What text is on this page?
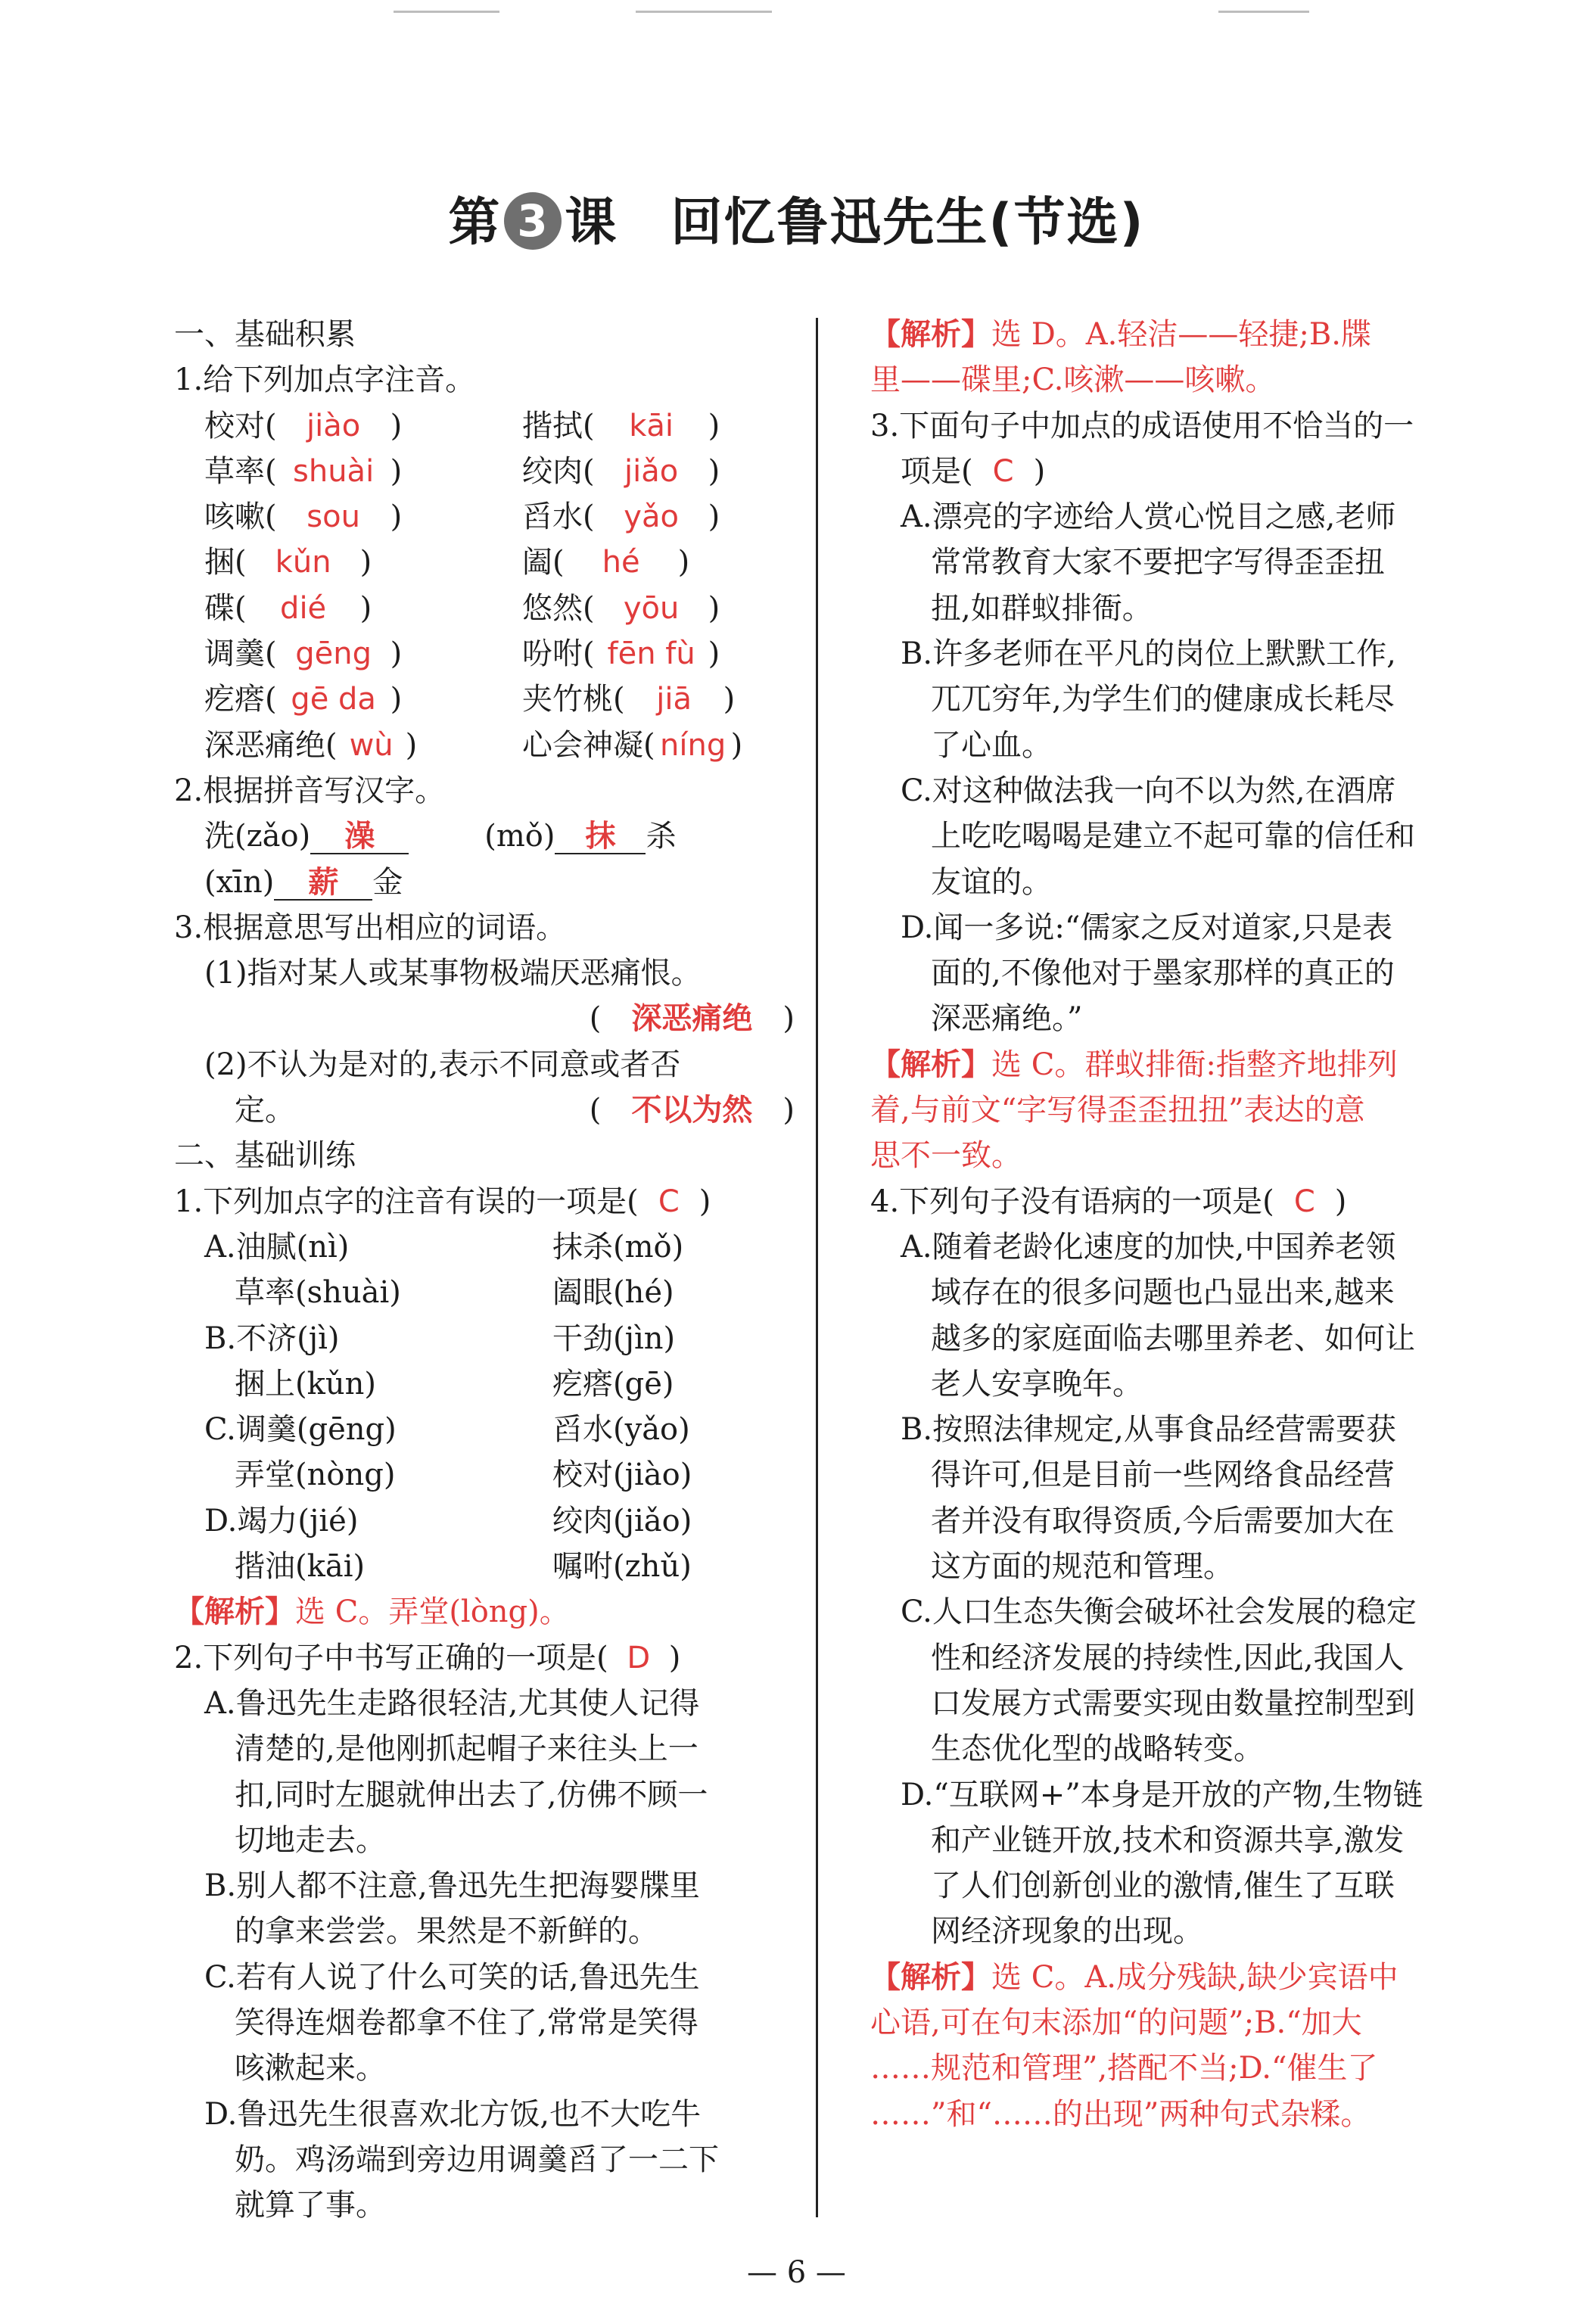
第 3 课 回忆鲁迅先生(节选)
一、基础积累
1.给下列加点字注音。
校对( jiào )	揩拭( kāi )
草率( shuài )	绞肉( jiǎo )
咳嗽( sou )	舀水( yǎo )
捆( kǔn )	阖( hé )
碟( dié )	悠然( yōu )
调羹( gēng )	吩咐( fēn fù )
疙瘩( gē da )	夹竹桃( jiā )
深恶痛绝( wù )	心会神凝( níng )
2.根据拼音写汉字。
洗(zǎo) 澡	(mǒ) 抹 杀
(xīn) 薪 金
3.根据意思写出相应的词语。
(1)指对某人或某事物极端厌恶痛恨。
( 深恶痛绝 )
(2)不认为是对的,表示不同意或者否
定。	( 不以为然 )
二、基础训练
1.下列加点字的注音有误的一项是( C )
A.油腻(nì)	抹杀(mǒ)
草率(shuài)	阖眼(hé)
B.不济(jì)	干劲(jìn)
捆上(kǔn)	疙瘩(gē)
C.调羹(gēng)	舀水(yǎo)
弄堂(nòng)	校对(jiào)
D.竭力(jié)	绞肉(jiǎo)
揩油(kāi)	嘱咐(zhǔ)
【解析】选 C。弄堂(lòng)。
2.下列句子中书写正确的一项是( D )
A.鲁迅先生走路很轻洁,尤其使人记得
清楚的,是他刚抓起帽子来往头上一
扣,同时左腿就伸出去了,仿佛不顾一
切地走去。
B.别人都不注意,鲁迅先生把海婴牒里
的拿来尝尝。果然是不新鲜的。
C.若有人说了什么可笑的话,鲁迅先生
笑得连烟卷都拿不住了,常常是笑得
咳漱起来。
D.鲁迅先生很喜欢北方饭,也不大吃牛
奶。鸡汤端到旁边用调羹舀了一二下
就算了事。
【解析】选 D。A.轻洁——轻捷;B.牒
里——碟里;C.咳漱——咳嗽。
3.下面句子中加点的成语使用不恰当的一
项是( C )
A.漂亮的字迹给人赏心悦目之感,老师
常常教育大家不要把字写得歪歪扭
扭,如群蚁排衙。
B.许多老师在平凡的岗位上默默工作,
兀兀穷年,为学生们的健康成长耗尽
了心血。
C.对这种做法我一向不以为然,在酒席
上吃吃喝喝是建立不起可靠的信任和
友谊的。
D.闻一多说:“儒家之反对道家,只是表
面的,不像他对于墨家那样的真正的
深恶痛绝。”
【解析】选 C。群蚁排衙:指整齐地排列
着,与前文“字写得歪歪扭扭”表达的意
思不一致。
4.下列句子没有语病的一项是( C )
A.随着老龄化速度的加快,中国养老领
域存在的很多问题也凸显出来,越来
越多的家庭面临去哪里养老、如何让
老人安享晚年。
B.按照法律规定,从事食品经营需要获
得许可,但是目前一些网络食品经营
者并没有取得资质,今后需要加大在
这方面的规范和管理。
C.人口生态失衡会破坏社会发展的稳定
性和经济发展的持续性,因此,我国人
口发展方式需要实现由数量控制型到
生态优化型的战略转变。
D.“互联网+”本身是开放的产物,生物链
和产业链开放,技术和资源共享,激发
了人们创新创业的激情,催生了互联
网经济现象的出现。
【解析】选 C。A.成分残缺,缺少宾语中
心语,可在句末添加“的问题”;B.“加大
……规范和管理”,搭配不当;D.“催生了
……”和“……的出现”两种句式杂糅。
— 6 —
